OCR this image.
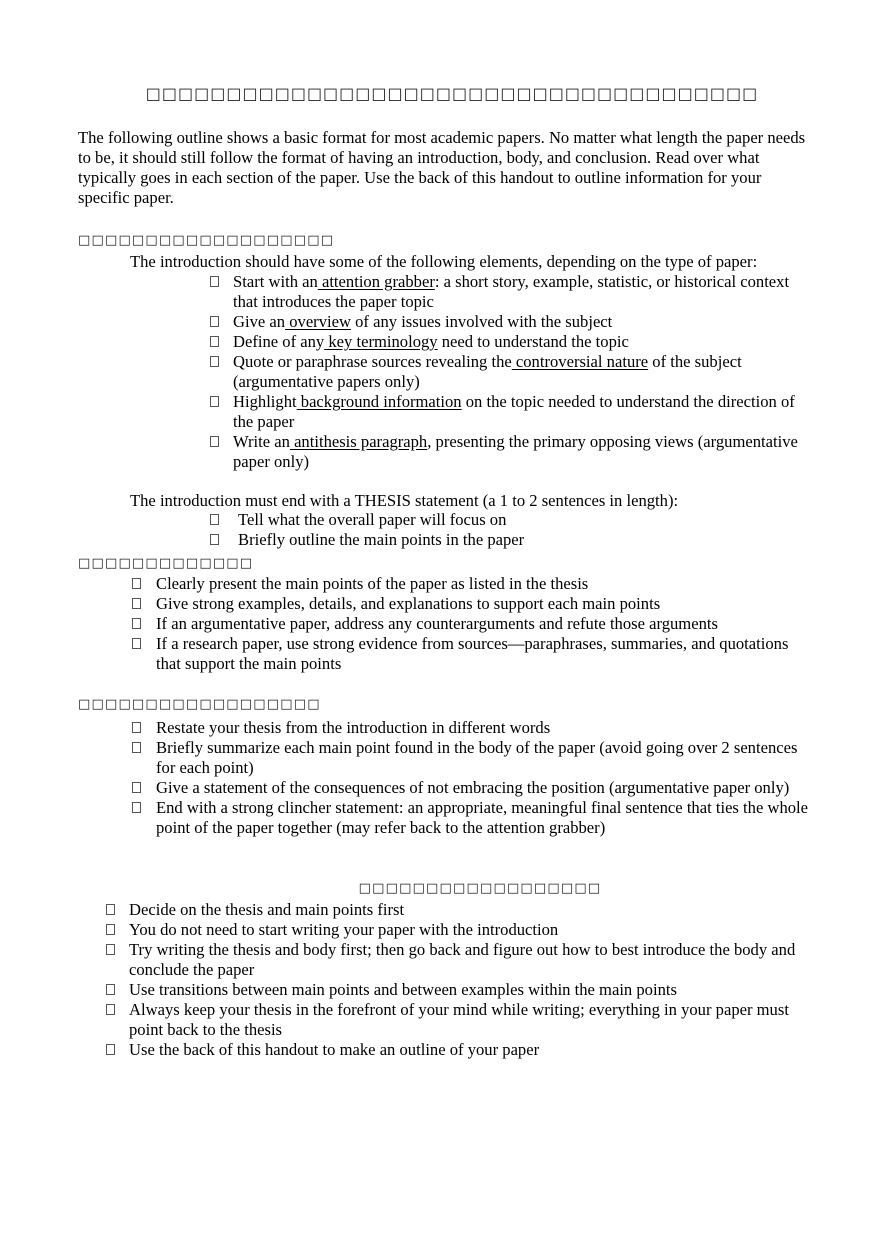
□□□□□□□□□□□□□□□□□□□□□□□□□□□□□□□□□□□□□□

The following outline shows a basic format for most academic papers. No matter what length the paper needs to be, it should still follow the format of having an introduction, body, and conclusion. Read over what typically goes in each section of the paper. Use the back of this handout to outline information for your specific paper.

□□□□□□□□□□□□□□□□□□□

The introduction should have some of the following elements, depending on the type of paper:

Start with an attention grabber: a short story, example, statistic, or historical context that introduces the paper topic
Give an overview of any issues involved with the subject
Define of any key terminology need to understand the topic
Quote or paraphrase sources revealing the controversial nature of the subject (argumentative papers only)
Highlight background information on the topic needed to understand the direction of the paper
Write an antithesis paragraph, presenting the primary opposing views (argumentative paper only)

The introduction must end with a THESIS statement (a 1 to 2 sentences in length):

Tell what the overall paper will focus on
Briefly outline the main points in the paper
□□□□□□□□□□□□□
Clearly present the main points of the paper as listed in the thesis
Give strong examples, details, and explanations to support each main points
If an argumentative paper, address any counterarguments and refute those arguments
If a research paper, use strong evidence from sources—paraphrases, summaries, and quotations that support the main points
□□□□□□□□□□□□□□□□□□
Restate your thesis from the introduction in different words
Briefly summarize each main point found in the body of the paper (avoid going over 2 sentences for each point)
Give a statement of the consequences of not embracing the position (argumentative paper only)
End with a strong clincher statement: an appropriate, meaningful final sentence that ties the whole point of the paper together (may refer back to the attention grabber)
□□□□□□□□□□□□□□□□□□
Decide on the thesis and main points first
You do not need to start writing your paper with the introduction
Try writing the thesis and body first; then go back and figure out how to best introduce the body and conclude the paper
Use transitions between main points and between examples within the main points
Always keep your thesis in the forefront of your mind while writing; everything in your paper must point back to the thesis
Use the back of this handout to make an outline of your paper
